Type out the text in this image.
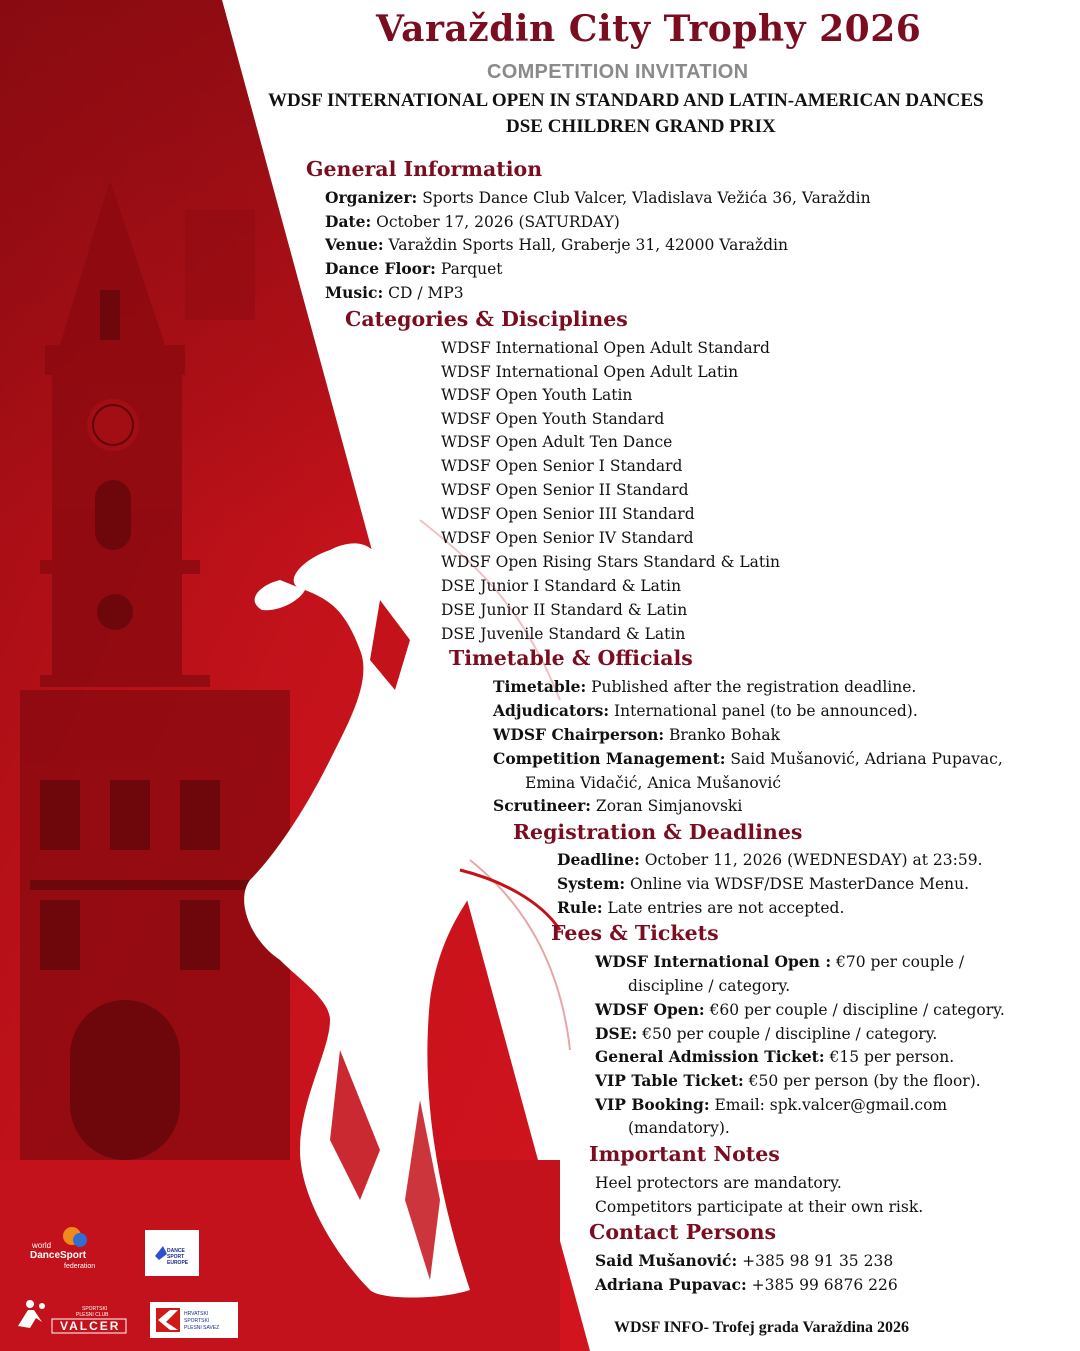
Varaždin City Trophy 2026
COMPETITION INVITATION
WDSF INTERNATIONAL OPEN IN STANDARD AND LATIN-AMERICAN DANCES
DSE CHILDREN GRAND PRIX
General Information
Organizer: Sports Dance Club Valcer, Vladislava Vežića 36, Varaždin
Date: October 17, 2026 (SATURDAY)
Venue: Varaždin Sports Hall, Graberje 31, 42000 Varaždin
Dance Floor: Parquet
Music: CD / MP3
Categories & Disciplines
WDSF International Open Adult Standard
WDSF International Open Adult Latin
WDSF Open Youth Latin
WDSF Open Youth Standard
WDSF Open Adult Ten Dance
WDSF Open Senior I Standard
WDSF Open Senior II Standard
WDSF Open Senior III Standard
WDSF Open Senior IV Standard
WDSF Open Rising Stars Standard & Latin
DSE Junior I Standard & Latin
DSE Junior II Standard & Latin
DSE Juvenile Standard & Latin
Timetable & Officials
Timetable: Published after the registration deadline.
Adjudicators: International panel (to be announced).
WDSF Chairperson: Branko Bohak
Competition Management: Said Mušanović, Adriana Pupavac,
Emina Vidačić, Anica Mušanović
Scrutineer: Zoran Simjanovski
Registration & Deadlines
Deadline: October 11, 2026 (WEDNESDAY) at 23:59.
System: Online via WDSF/DSE MasterDance Menu.
Rule: Late entries are not accepted.
Fees & Tickets
WDSF International Open : €70 per couple /
discipline / category.
WDSF Open: €60 per couple / discipline / category.
DSE: €50 per couple / discipline / category.
General Admission Ticket: €15 per person.
VIP Table Ticket: €50 per person (by the floor).
VIP Booking: Email: spk.valcer@gmail.com
(mandatory).
Important Notes
Heel protectors are mandatory.
Competitors participate at their own risk.
Contact Persons
Said Mušanović: +385 98 91 35 238
Adriana Pupavac: +385 99 6876 226
world
DanceSport
federation
DANCE
SPORT
EUROPE
SPORTSKI
PLESNI CLUB
VALCER
HRVATSKI
SPORTSKI
PLESNI SAVEZ	WDSF INFO- Trofej grada Varaždina 2026
